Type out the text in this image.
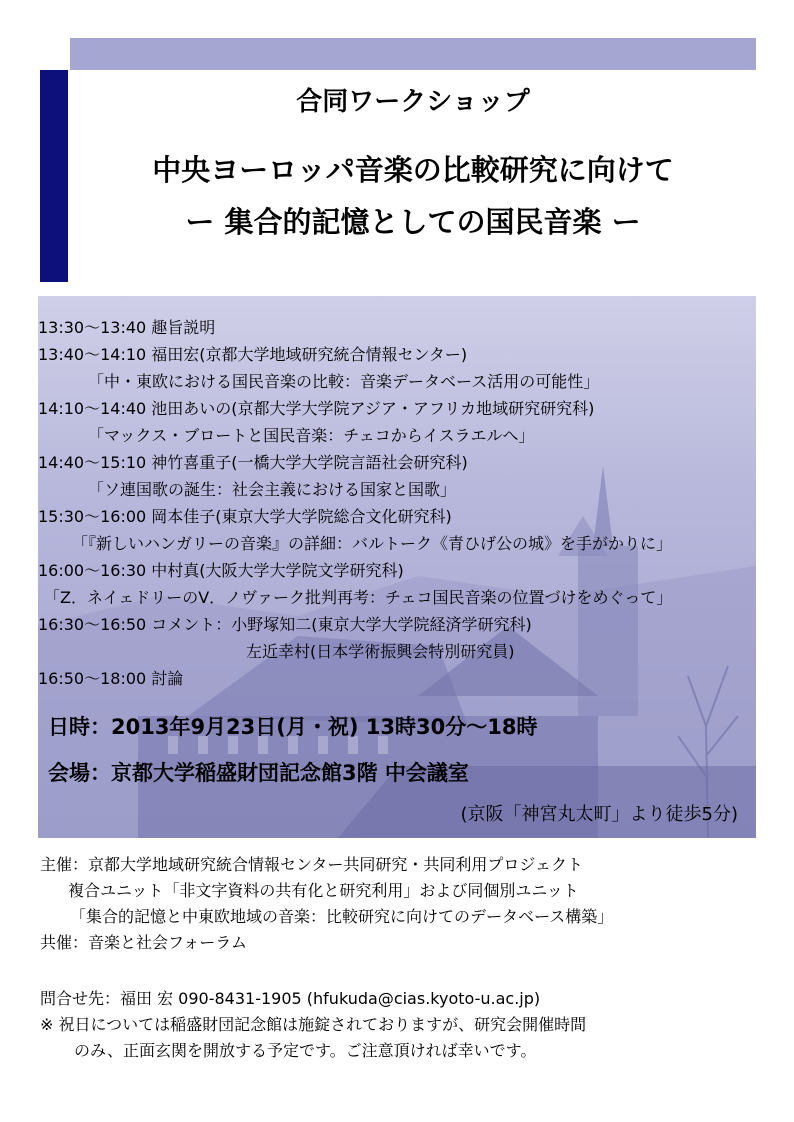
合同ワークショップ
中央ヨーロッパ音楽の比較研究に向けて
ー 集合的記憶としての国民音楽 ー
13:30～13:40 趣旨説明
13:40～14:10 福田宏(京都大学地域研究統合情報センター)
「中・東欧における国民音楽の比較：音楽データベース活用の可能性」
14:10～14:40 池田あいの(京都大学大学院アジア・アフリカ地域研究研究科)
「マックス・ブロートと国民音楽：チェコからイスラエルへ」
14:40～15:10 神竹喜重子(一橋大学大学院言語社会研究科)
「ソ連国歌の誕生：社会主義における国家と国歌」
15:30～16:00 岡本佳子(東京大学大学院総合文化研究科)
「『新しいハンガリーの音楽』の詳細：バルトーク《青ひげ公の城》を手がかりに」
16:00～16:30 中村真(大阪大学大学院文学研究科)
「Z．ネイェドリーのV．ノヴァーク批判再考：チェコ国民音楽の位置づけをめぐって」
16:30～16:50 コメント：小野塚知二(東京大学大学院経済学研究科)
左近幸村(日本学術振興会特別研究員)
16:50～18:00 討論
日時：2013年9月23日(月・祝) 13時30分～18時
会場：京都大学稲盛財団記念館3階 中会議室
(京阪「神宮丸太町」より徒歩5分)
主催：京都大学地域研究統合情報センター共同研究・共同利用プロジェクト
複合ユニット「非文字資料の共有化と研究利用」および同個別ユニット
「集合的記憶と中東欧地域の音楽：比較研究に向けてのデータベース構築」
共催：音楽と社会フォーラム
問合せ先：福田 宏 090-8431-1905 (hfukuda@cias.kyoto-u.ac.jp)
※ 祝日については稲盛財団記念館は施錠されておりますが、研究会開催時間
のみ、正面玄関を開放する予定です。ご注意頂ければ幸いです。
